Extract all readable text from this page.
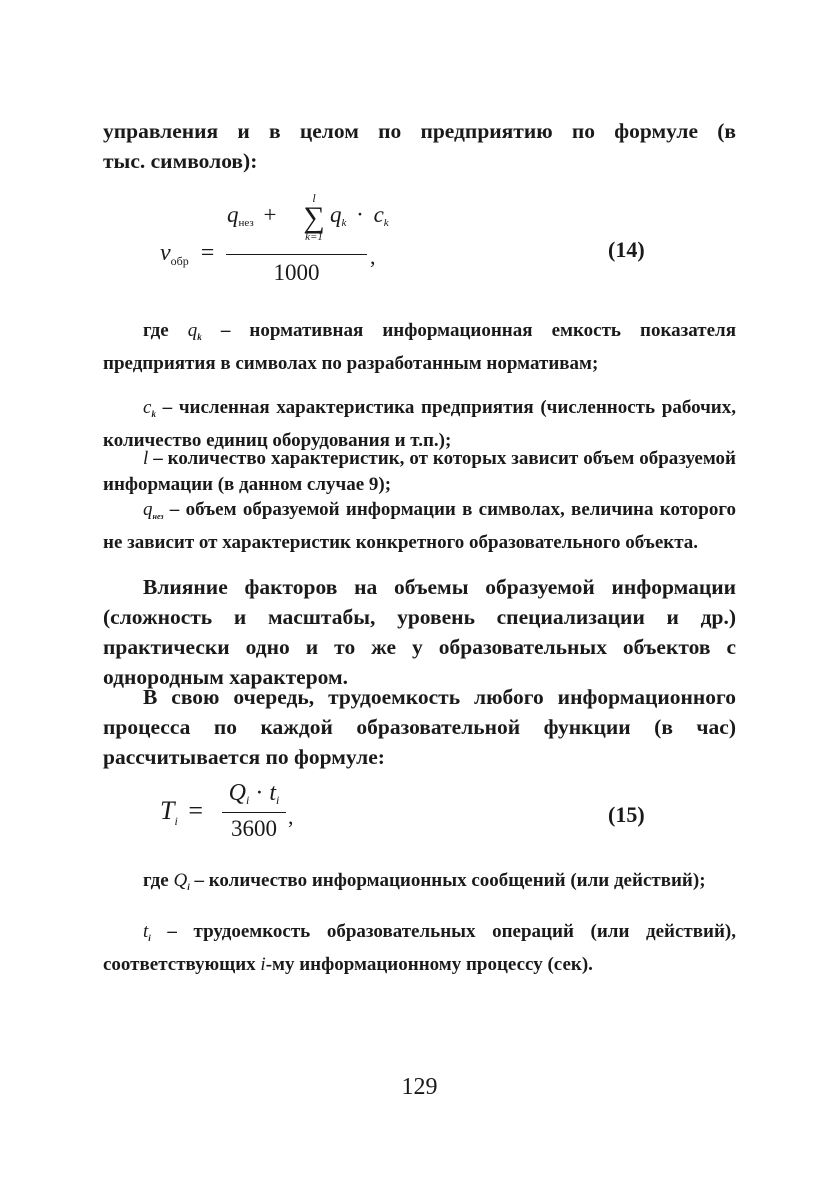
управления и в целом по предприятию по формуле (в
тыс. символов):

$v_{обр}$ =
qнез +
l
∑
k=1
qk · ck
1000
,	(14)

где $q_k$ – нормативная информационная емкость показателя предприятия в символах по разработанным нормативам;

$c_k$ – численная характеристика предприятия (численность рабочих, количество единиц оборудования и т.п.);

l – количество характеристик, от которых зависит объем образуемой информации (в данном случае 9);

$q_{нез}$ – объем образуемой информации в символах, величина которого не зависит от характеристик конкретного образовательного объекта.

Влияние факторов на объемы образуемой информации (сложность и масштабы, уровень специализации и др.) практически одно и то же у образовательных объектов с однородным характером.

В свою очередь, трудоемкость любого информационного процесса по каждой образовательной функции (в час) рассчитывается по формуле:

$T_i$ =
Qi · ti
3600 ,	(15)

где $Q_i$ – количество информационных сообщений (или действий);

$t_i$ – трудоемкость образовательных операций (или действий), соответствующих i-му информационному процессу (сек).

129
